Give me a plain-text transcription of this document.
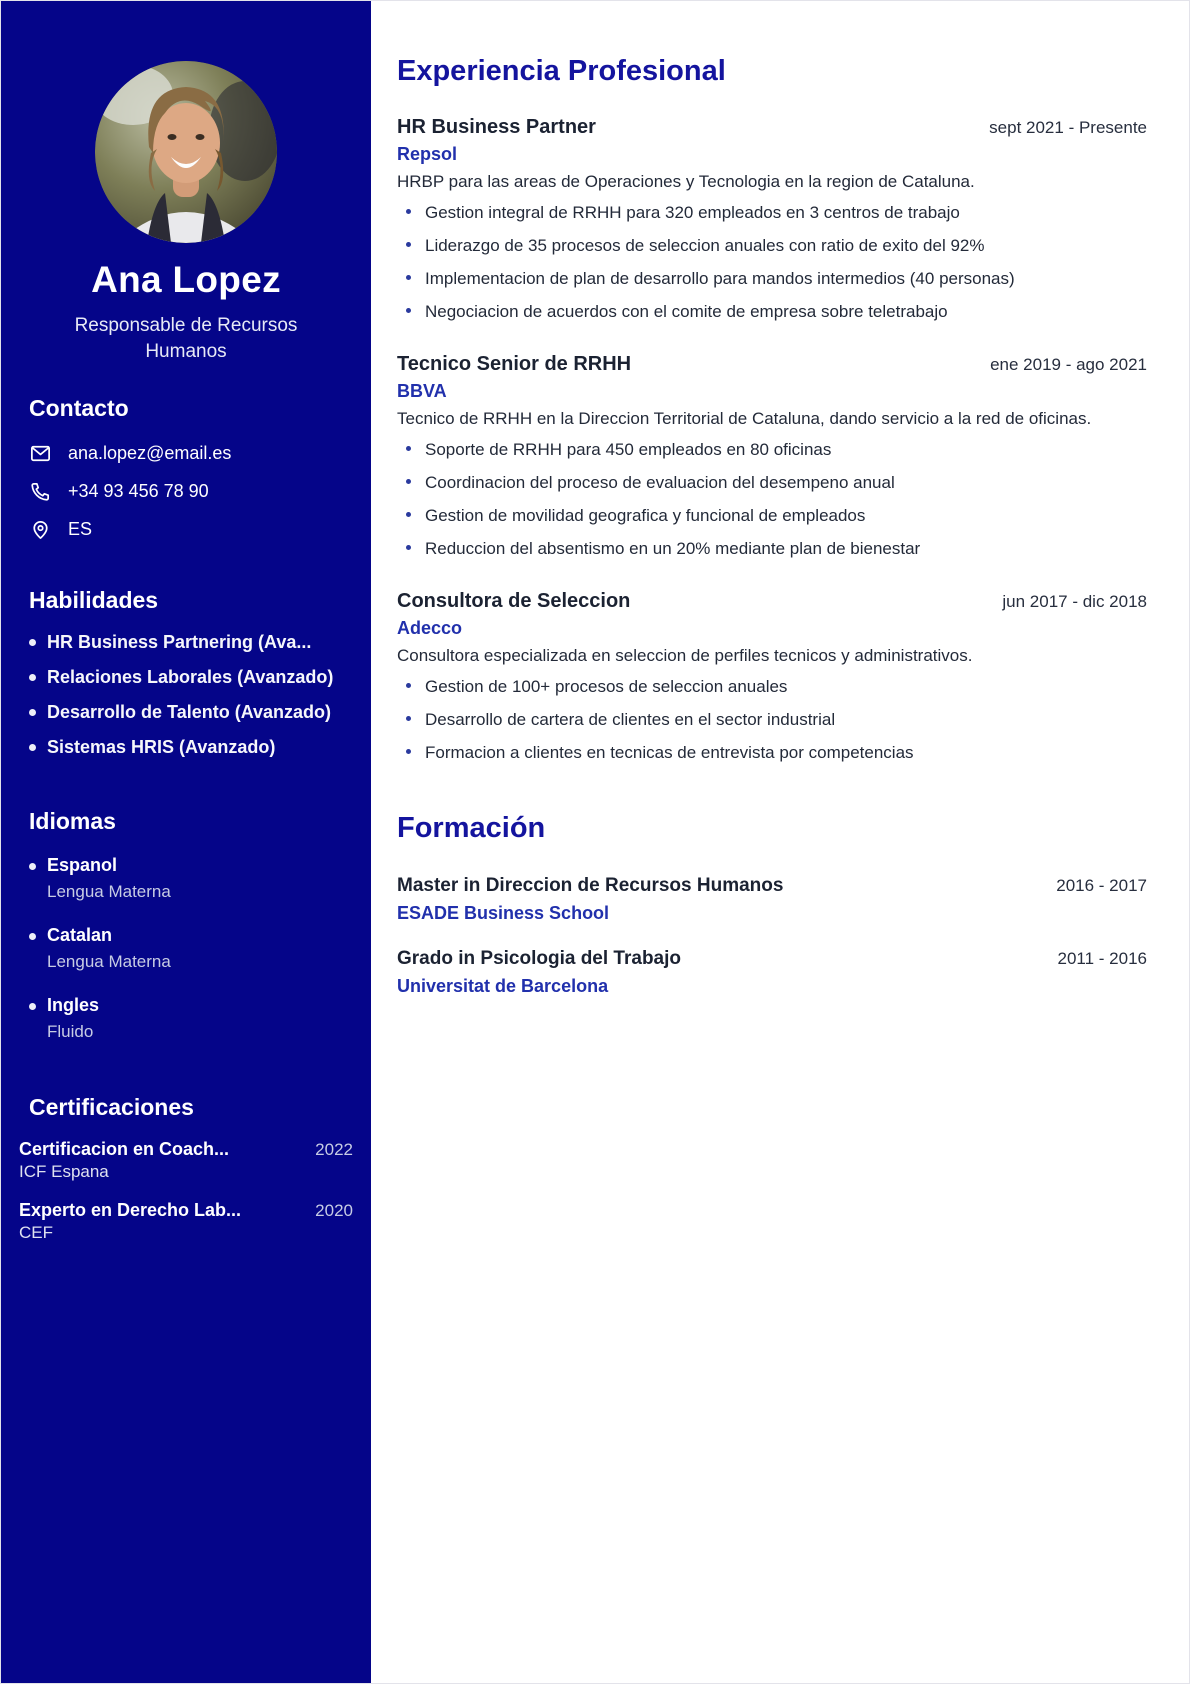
Ana Lopez
Responsable de Recursos Humanos
Contacto
ana.lopez@email.es
+34 93 456 78 90
ES
Habilidades
HR Business Partnering (Ava...
Relaciones Laborales (Avanzado)
Desarrollo de Talento (Avanzado)
Sistemas HRIS (Avanzado)
Idiomas
Espanol
Lengua Materna
Catalan
Lengua Materna
Ingles
Fluido
Certificaciones
Certificacion en Coach...	2022
ICF Espana
Experto en Derecho Lab...	2020
CEF
Experiencia Profesional
HR Business Partner	sept 2021 - Presente
Repsol

HRBP para las areas de Operaciones y Tecnologia en la region de Cataluna.

Gestion integral de RRHH para 320 empleados en 3 centros de trabajo
Liderazgo de 35 procesos de seleccion anuales con ratio de exito del 92%
Implementacion de plan de desarrollo para mandos intermedios (40 personas)
Negociacion de acuerdos con el comite de empresa sobre teletrabajo
Tecnico Senior de RRHH	ene 2019 - ago 2021
BBVA

Tecnico de RRHH en la Direccion Territorial de Cataluna, dando servicio a la red de oficinas.

Soporte de RRHH para 450 empleados en 80 oficinas
Coordinacion del proceso de evaluacion del desempeno anual
Gestion de movilidad geografica y funcional de empleados
Reduccion del absentismo en un 20% mediante plan de bienestar
Consultora de Seleccion	jun 2017 - dic 2018
Adecco

Consultora especializada en seleccion de perfiles tecnicos y administrativos.

Gestion de 100+ procesos de seleccion anuales
Desarrollo de cartera de clientes en el sector industrial
Formacion a clientes en tecnicas de entrevista por competencias
Formación
Master in Direccion de Recursos Humanos	2016 - 2017
ESADE Business School
Grado in Psicologia del Trabajo	2011 - 2016
Universitat de Barcelona
